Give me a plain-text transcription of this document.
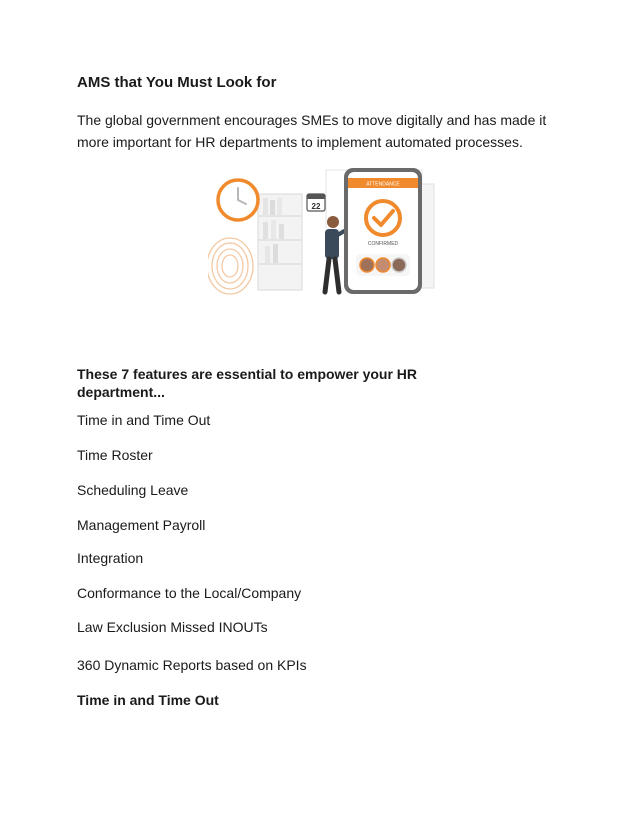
AMS that You Must Look for

The global government encourages SMEs to move digitally and has made it more important for HR departments to implement automated processes.

22
ATTENDANCE
CONFIRMED
These 7 features are essential to empower your HR department...

Time in and Time Out

Time Roster

Scheduling Leave

Management Payroll

Integration

Conformance to the Local/Company

Law Exclusion Missed INOUTs

360 Dynamic Reports based on KPIs

Time in and Time Out
